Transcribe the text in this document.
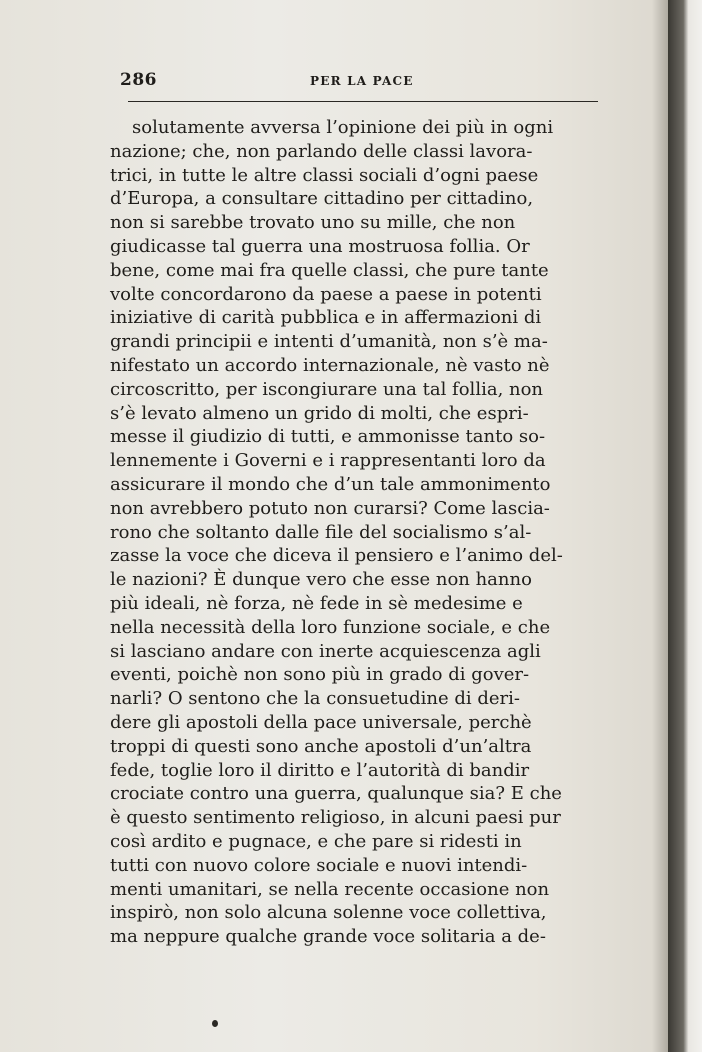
286	PER LA PACE
solutamente avversa l’opinione dei più in ogni
nazione; che, non parlando delle classi lavora-
trici, in tutte le altre classi sociali d’ogni paese
d’Europa, a consultare cittadino per cittadino,
non si sarebbe trovato uno su mille, che non
giudicasse tal guerra una mostruosa follia. Or
bene, come mai fra quelle classi, che pure tante
volte concordarono da paese a paese in potenti
iniziative di carità pubblica e in affermazioni di
grandi principii e intenti d’umanità, non s’è ma-
nifestato un accordo internazionale, nè vasto nè
circoscritto, per iscongiurare una tal follia, non
s’è levato almeno un grido di molti, che espri-
messe il giudizio di tutti, e ammonisse tanto so-
lennemente i Governi e i rappresentanti loro da
assicurare il mondo che d’un tale ammonimento
non avrebbero potuto non curarsi? Come lascia-
rono che soltanto dalle file del socialismo s’al-
zasse la voce che diceva il pensiero e l’animo del-
le nazioni? È dunque vero che esse non hanno
più ideali, nè forza, nè fede in sè medesime e
nella necessità della loro funzione sociale, e che
si lasciano andare con inerte acquiescenza agli
eventi, poichè non sono più in grado di gover-
narli? O sentono che la consuetudine di deri-
dere gli apostoli della pace universale, perchè
troppi di questi sono anche apostoli d’un’altra
fede, toglie loro il diritto e l’autorità di bandir
crociate contro una guerra, qualunque sia? E che
è questo sentimento religioso, in alcuni paesi pur
così ardito e pugnace, e che pare si ridesti in
tutti con nuovo colore sociale e nuovi intendi-
menti umanitari, se nella recente occasione non
inspirò, non solo alcuna solenne voce collettiva,
ma neppure qualche grande voce solitaria a de-
